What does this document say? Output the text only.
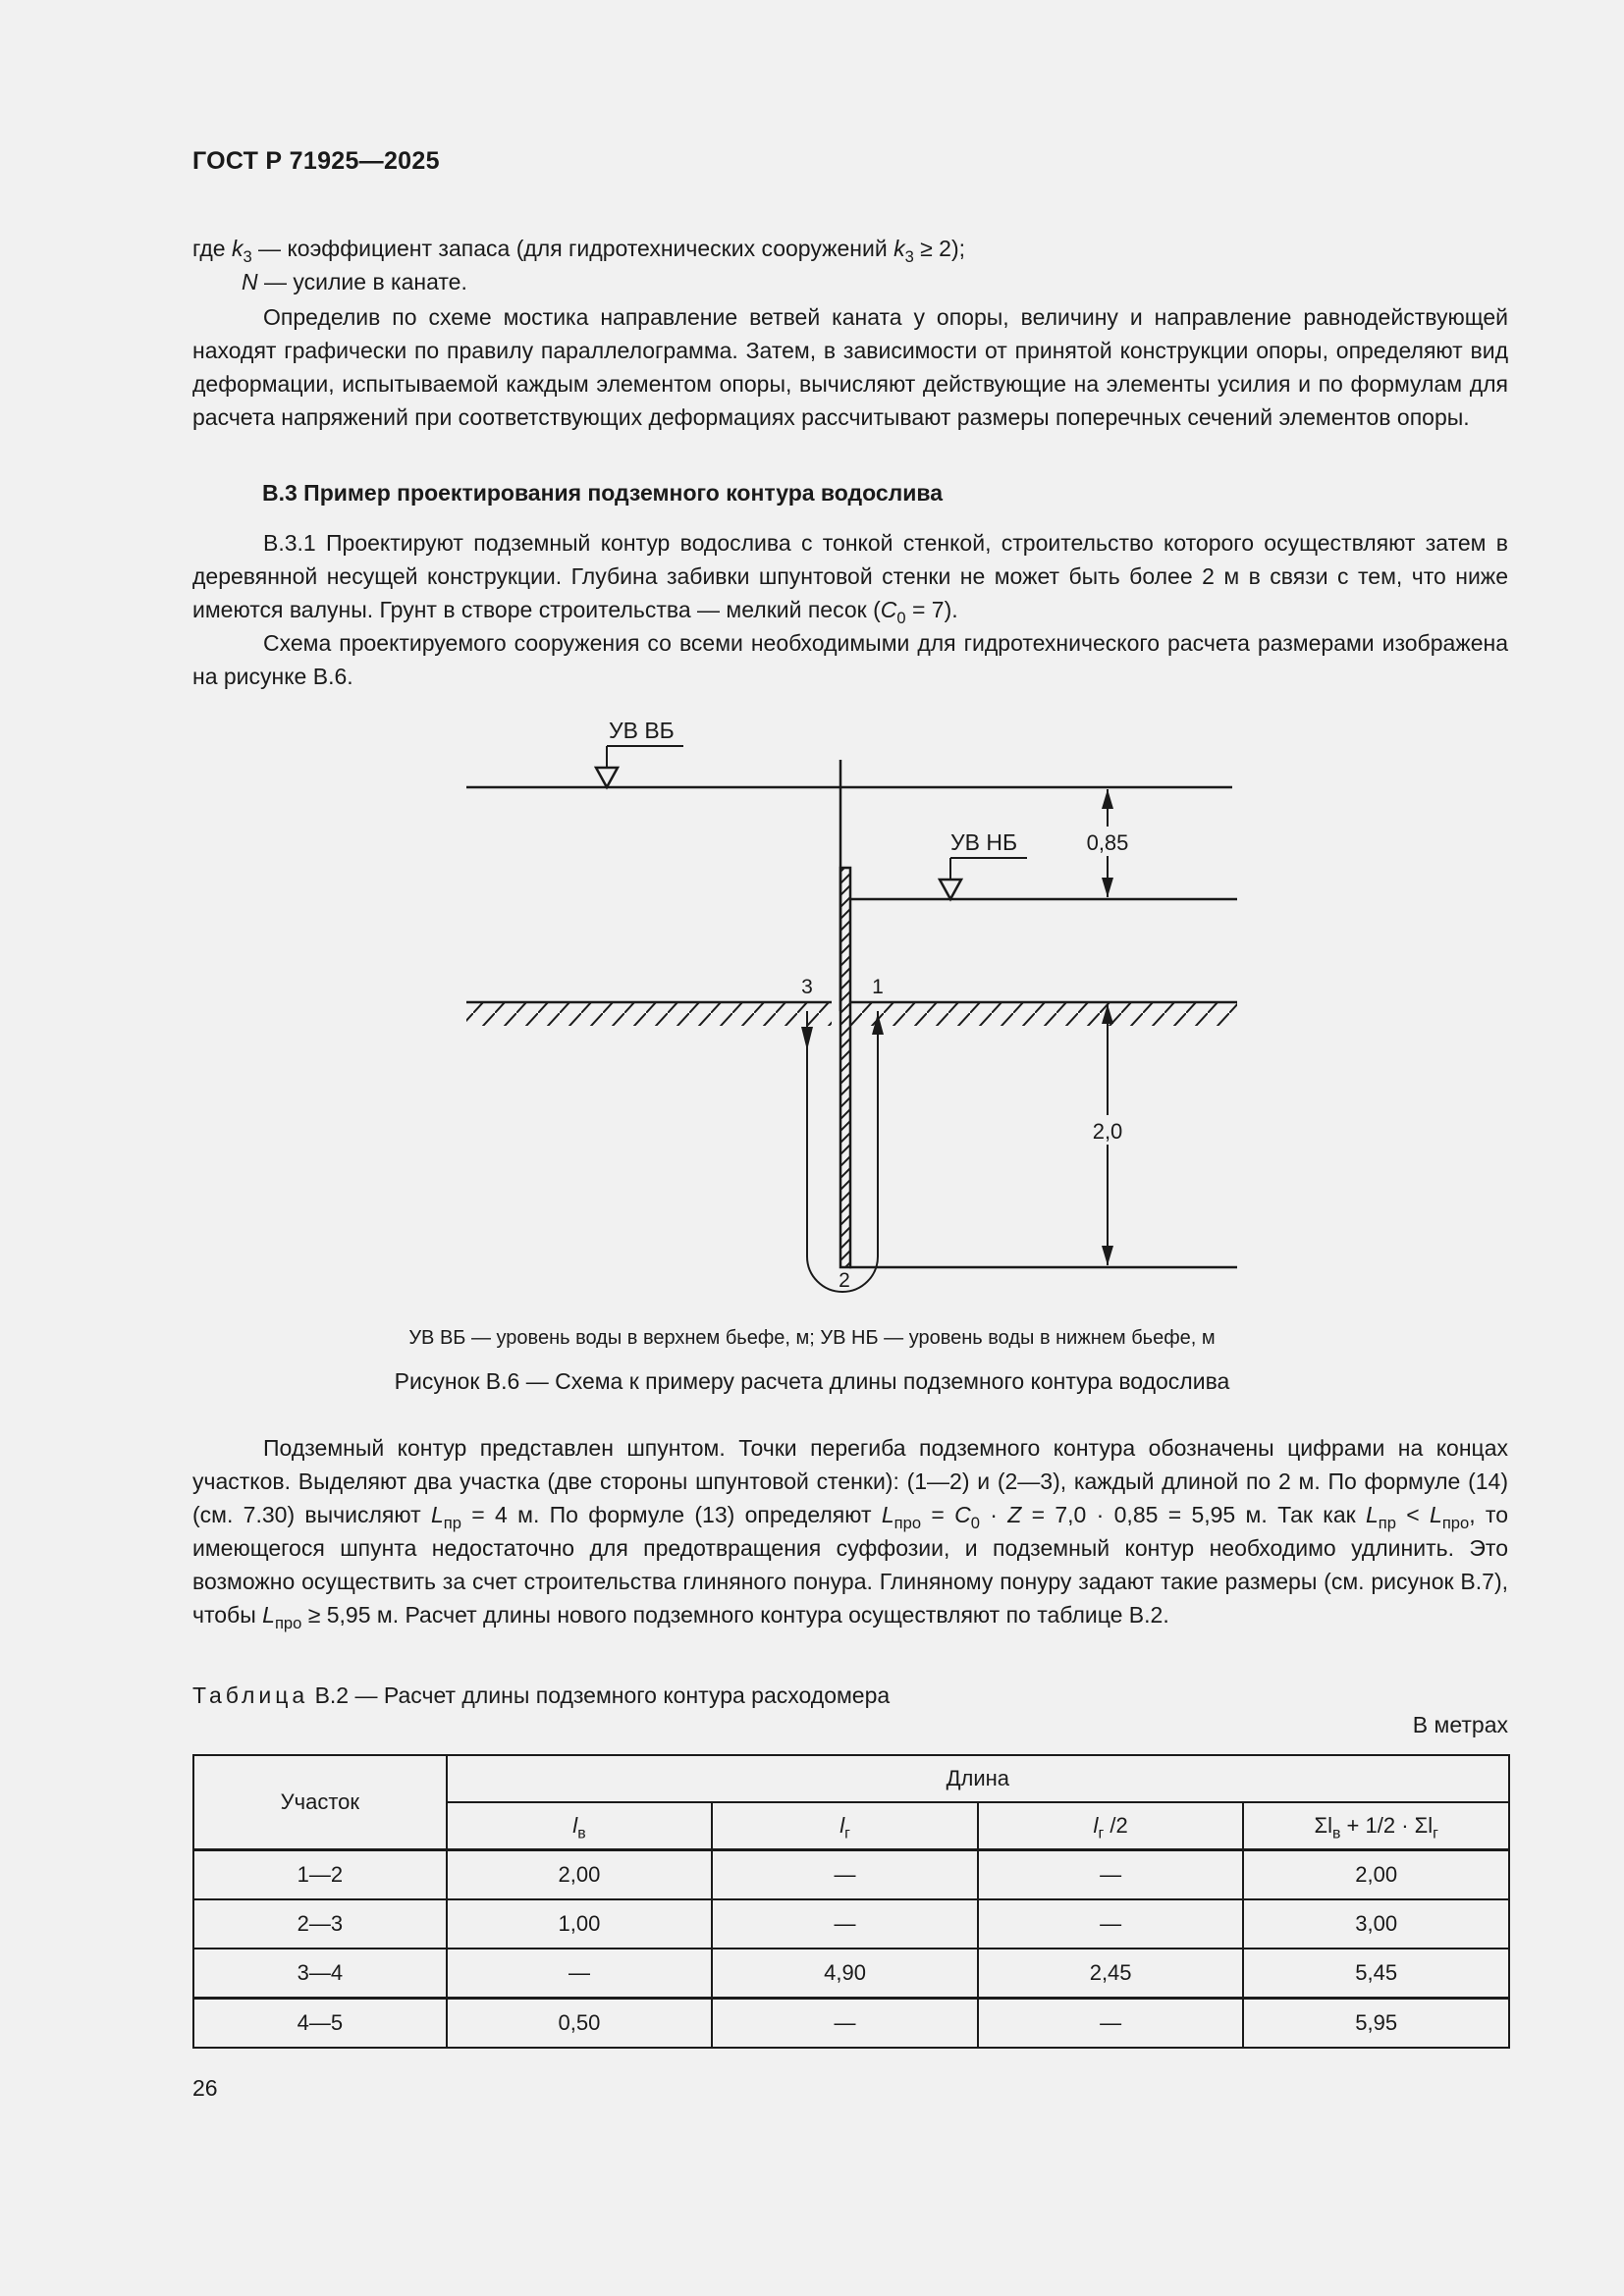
ГОСТ Р 71925—2025
где $k_3$ — коэффициент запаса (для гидротехнических сооружений $k_3 \ge 2$);
N — усилие в канате.
Определив по схеме мостика направление ветвей каната у опоры, величину и направление равнодействующей находят графически по правилу параллелограмма. Затем, в зависимости от принятой конструкции опоры, определяют вид деформации, испытываемой каждым элементом опоры, вычисляют действующие на элементы усилия и по формулам для расчета напряжений при соответствующих деформациях рассчитывают размеры поперечных сечений элементов опоры.
В.3 Пример проектирования подземного контура водослива
В.3.1 Проектируют подземный контур водослива с тонкой стенкой, строительство которого осуществляют затем в деревянной несущей конструкции. Глубина забивки шпунтовой стенки не может быть более 2 м в связи с тем, что ниже имеются валуны. Грунт в створе строительства — мелкий песок $(C_0 = 7)$.
Схема проектируемого сооружения со всеми необходимыми для гидротехнического расчета размерами изображена на рисунке В.6.
УВ ВБ
УВ НБ	0,85
2,0
3	1
2
УВ ВБ — уровень воды в верхнем бьефе, м; УВ НБ — уровень воды в нижнем бьефе, м
Рисунок В.6 — Схема к примеру расчета длины подземного контура водослива
Подземный контур представлен шпунтом. Точки перегиба подземного контура обозначены цифрами на концах участков. Выделяют два участка (две стороны шпунтовой стенки): (1—2) и (2—3), каждый длиной по 2 м. По формуле (14) (см. 7.30) вычисляют $L_{пр} = 4$ м. По формуле (13) определяют $L_{про} = C_0 \cdot Z = 7,0 \cdot 0,85 = 5,95$ м. Так как $L_{пр} < L_{про}$, то имеющегося шпунта недостаточно для предотвращения суффозии, и подземный контур необходимо удлинить. Это возможно осуществить за счет строительства глиняного понура. Глиняному понуру задают такие размеры (см. рисунок В.7), чтобы $L_{про} \ge 5,95$ м. Расчет длины нового подземного контура осуществляют по таблице В.2.
Таблица В.2 — Расчет длины подземного контура расходомера
В метрах
Участок	Длина			
	$l_в$	$l_г$	$l_г$ /2	$\Sigma l_в + 1/2 \cdot \Sigma l_г$
1—2	2,00	—	—	2,00
2—3	1,00	—	—	3,00
3—4	—	4,90	2,45	5,45
4—5	0,50	—	—	5,95
26
